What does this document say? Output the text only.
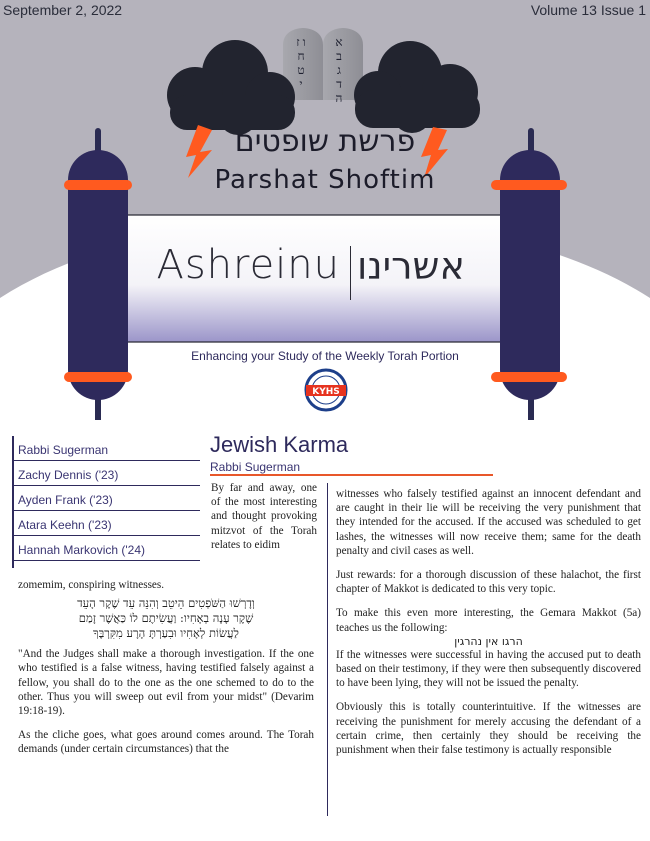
KYHS
September 2, 2022	Volume 13 Issue 1
ו ז ח ט י
א ב ג ד ה
פרשת שופטים
Parshat Shoftim
Ashreinu אשרינו
Enhancing your Study of the Weekly Torah Portion
Rabbi Sugerman
Zachy Dennis ('23)
Ayden Frank ('23)
Atara Keehn ('23)
Hannah Markovich ('24)
Jewish Karma
Rabbi Sugerman
By far and away, one of the most interesting and thought provoking mitzvot of the Torah relates to eidim
zomemim, conspiring witnesses.
וְדָרְשׁוּ הַשֹּׁפְטִים הֵיטֵב וְהִנֵּה עֵד שֶׁקֶר הָעֵד
שֶׁקֶר עָנָה בְאָחִיו: וַעֲשִׂיתֶם לוֹ כַּאֲשֶׁר זָמַם
לַעֲשׂוֹת לְאָחִיו וּבִעַרְתָּ הָרָע מִקִּרְבֶּךָ
"And the Judges shall make a thorough investigation. If the one who testified is a false witness, having testified falsely against a fellow, you shall do to the one as the one schemed to do to the other. Thus you will sweep out evil from your midst" (Devarim 19:18-19).
As the cliche goes, what goes around comes around. The Torah demands (under certain circumstances) that the
witnesses who falsely testified against an innocent defendant and are caught in their lie will be receiving the very punishment that they intended for the accused. If the accused was scheduled to get lashes, the witnesses will now receive them; same for the death penalty and civil cases as well.
Just rewards: for a thorough discussion of these halachot, the first chapter of Makkot is dedicated to this very topic.
To make this even more interesting, the Gemara Makkot (5a) teaches us the following:
הרגו אין נהרגין
If the witnesses were successful in having the accused put to death based on their testimony, if they were then subsequently discovered to have been lying, they will not be issued the penalty.
Obviously this is totally counterintuitive. If the witnesses are receiving the punishment for merely accusing the defendant of a certain crime, then certainly they should be receiving the punishment when their false testimony is actually responsible
